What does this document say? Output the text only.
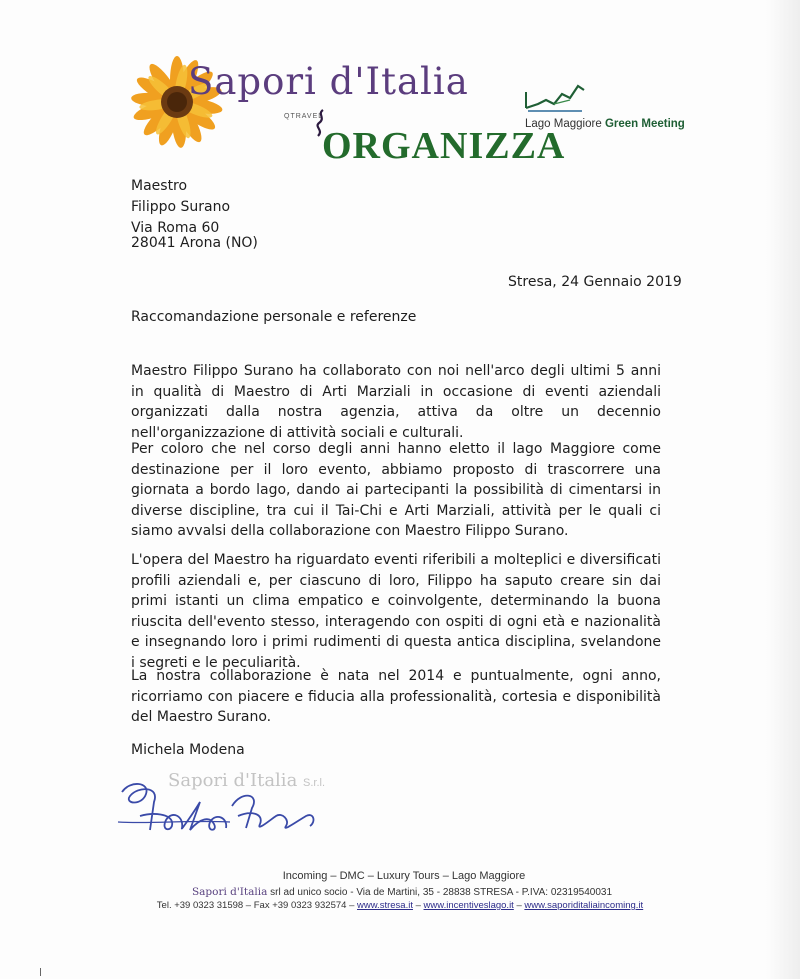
Sapori d'Italia
QTRAVEL
ORGANIZZA
Lago Maggiore Green Meeting
Maestro
Filippo Surano
Via Roma 60
28041 Arona (NO)
Stresa, 24 Gennaio 2019
Raccomandazione personale e referenze
Maestro Filippo Surano ha collaborato con noi nell'arco degli ultimi 5 anni in qualità di Maestro di Arti Marziali in occasione di eventi aziendali organizzati dalla nostra agenzia, attiva da oltre un decennio nell'organizzazione di attività sociali e culturali.
Per coloro che nel corso degli anni hanno eletto il lago Maggiore come destinazione per il loro evento, abbiamo proposto di trascorrere una giornata a bordo lago, dando ai partecipanti la possibilità di cimentarsi in diverse discipline, tra cui il Tai-Chi e Arti Marziali, attività per le quali ci siamo avvalsi della collaborazione con Maestro Filippo Surano.
L'opera del Maestro ha riguardato eventi riferibili a molteplici e diversificati profili aziendali e, per ciascuno di loro, Filippo ha saputo creare sin dai primi istanti un clima empatico e coinvolgente, determinando la buona riuscita dell'evento stesso, interagendo con ospiti di ogni età e nazionalità e insegnando loro i primi rudimenti di questa antica disciplina, svelandone i segreti e le peculiarità.
La nostra collaborazione è nata nel 2014 e puntualmente, ogni anno, ricorriamo con piacere e fiducia alla professionalità, cortesia e disponibilità del Maestro Surano.
Michela Modena
Sapori d'Italia S.r.l.
Incoming – DMC – Luxury Tours – Lago Maggiore
Sapori d'Italia srl ad unico socio - Via de Martini, 35 - 28838 STRESA - P.IVA: 02319540031
Tel. +39 0323 31598 – Fax +39 0323 932574 – www.stresa.it – www.incentiveslago.it – www.saporiditaliaincoming.it
